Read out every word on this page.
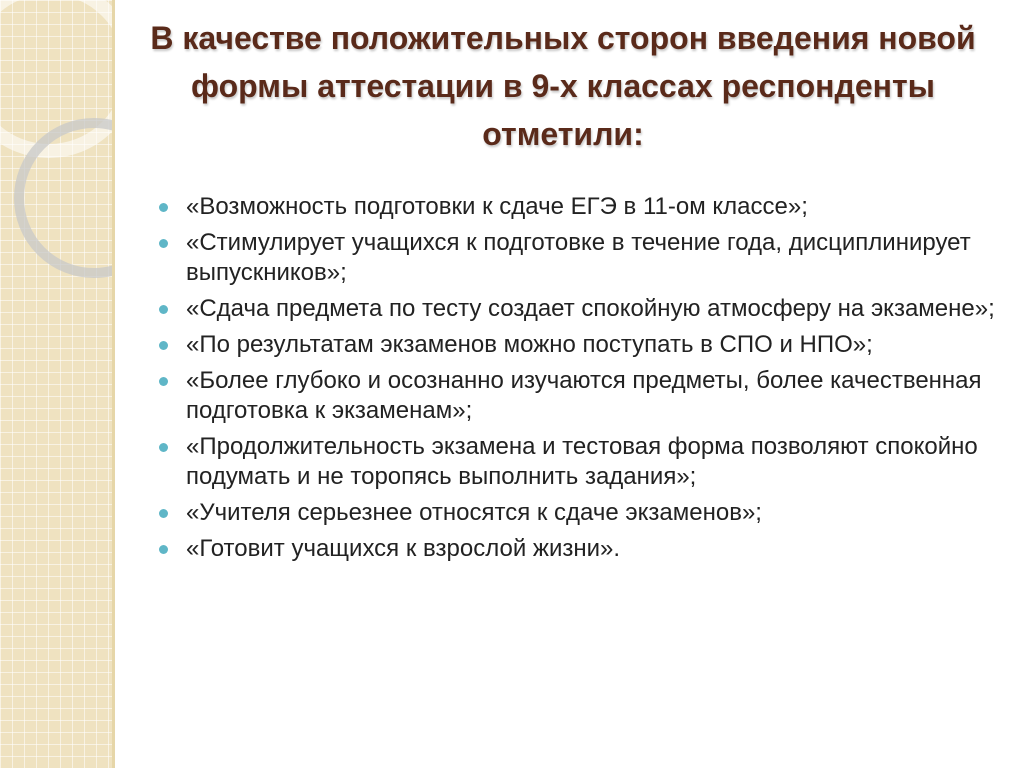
В качестве положительных сторон введения новой формы аттестации в 9-х классах респонденты отметили:
«Возможность подготовки к сдаче ЕГЭ в 11-ом классе»;
«Стимулирует учащихся к подготовке в течение года, дисциплинирует выпускников»;
«Сдача предмета по тесту создает спокойную атмосферу на экзамене»;
«По результатам экзаменов можно поступать в СПО и НПО»;
«Более глубоко и осознанно изучаются предметы, более качественная подготовка к экзаменам»;
«Продолжительность экзамена и тестовая форма позволяют спокойно подумать и не торопясь выполнить задания»;
«Учителя серьезнее относятся к сдаче экзаменов»;
«Готовит учащихся к взрослой жизни».
